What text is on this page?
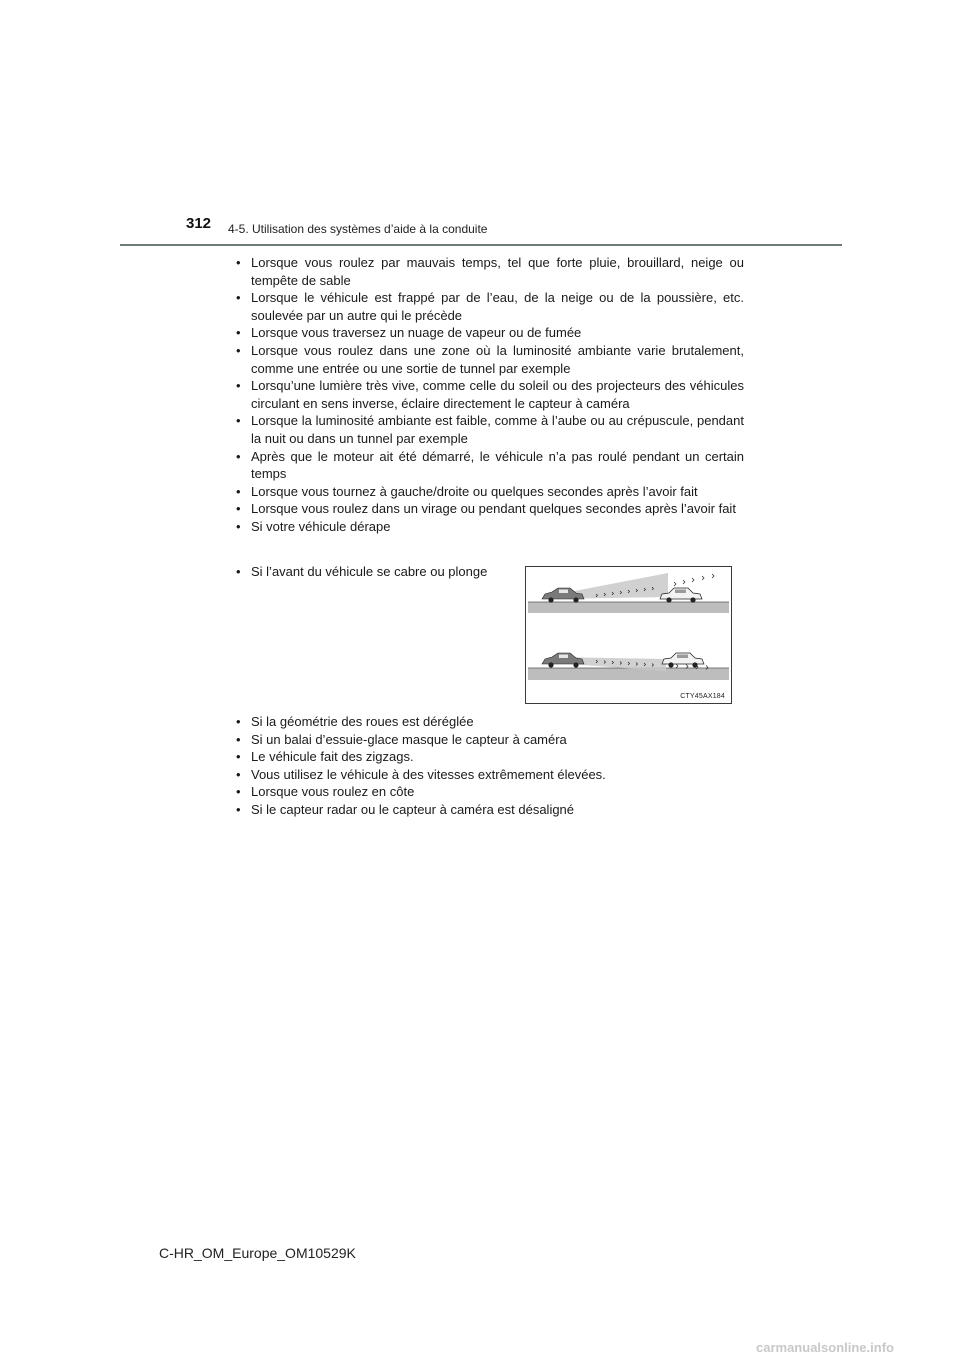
312 4-5. Utilisation des systèmes d’aide à la conduite
• Lorsque vous roulez par mauvais temps, tel que forte pluie, brouillard, neige ou tempête de sable
• Lorsque le véhicule est frappé par de l’eau, de la neige ou de la poussière, etc. soulevée par un autre qui le précède
• Lorsque vous traversez un nuage de vapeur ou de fumée
• Lorsque vous roulez dans une zone où la luminosité ambiante varie brutalement, comme une entrée ou une sortie de tunnel par exemple
• Lorsqu’une lumière très vive, comme celle du soleil ou des projecteurs des véhicules circulant en sens inverse, éclaire directement le capteur à caméra
• Lorsque la luminosité ambiante est faible, comme à l’aube ou au crépuscule, pendant la nuit ou dans un tunnel par exemple
• Après que le moteur ait été démarré, le véhicule n’a pas roulé pendant un certain temps
• Lorsque vous tournez à gauche/droite ou quelques secondes après l’avoir fait
• Lorsque vous roulez dans un virage ou pendant quelques secondes après l’avoir fait
• Si votre véhicule dérape
• Si l’avant du véhicule se cabre ou plonge
CTY45AX184
• Si la géométrie des roues est déréglée
• Si un balai d’essuie-glace masque le capteur à caméra
• Le véhicule fait des zigzags.
• Vous utilisez le véhicule à des vitesses extrêmement élevées.
• Lorsque vous roulez en côte
• Si le capteur radar ou le capteur à caméra est désaligné
C-HR_OM_Europe_OM10529K
carmanualsonline.info
